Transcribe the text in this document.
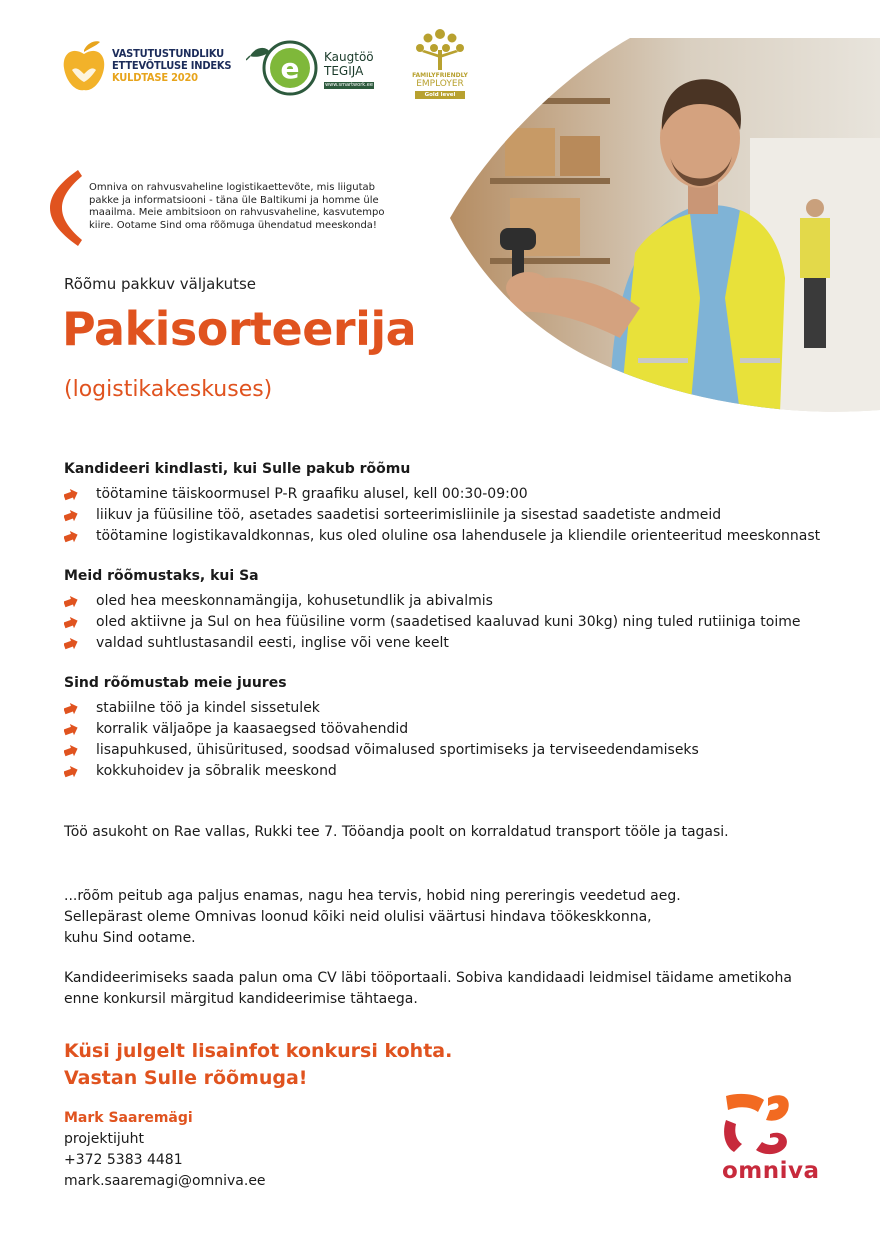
VASTUTUSTUNDLIKU
ETTEVÕTLUSE INDEKS
KULDTASE 2020	e Kaugtöö
TEGIJA
www.smartwork.ee
FAMILYFRIENDLY
EMPLOYER
Gold level
Omniva on rahvusvaheline logistikaettevõte, mis liigutab pakke ja informatsiooni - täna üle Baltikumi ja homme üle maailma. Meie ambitsioon on rahvusvaheline, kasvutempo kiire. Ootame Sind oma rõõmuga ühendatud meeskonda!
Rõõmu pakkuv väljakutse
Pakisorteerija
(logistikakeskuses)
Kandideeri kindlasti, kui Sulle pakub rõõmu
töötamine täiskoormusel P-R graafiku alusel, kell 00:30-09:00
liikuv ja füüsiline töö, asetades saadetisi sorteerimisliinile ja sisestad saadetiste andmeid
töötamine logistikavaldkonnas, kus oled oluline osa lahendusele ja kliendile orienteeritud meeskonnast
Meid rõõmustaks, kui Sa
oled hea meeskonnamängija, kohusetundlik ja abivalmis
oled aktiivne ja Sul on hea füüsiline vorm (saadetised kaaluvad kuni 30kg) ning tuled rutiiniga toime
valdad suhtlustasandil eesti, inglise või vene keelt
Sind rõõmustab meie juures
stabiilne töö ja kindel sissetulek
korralik väljaõpe ja kaasaegsed töövahendid
lisapuhkused, ühisüritused, soodsad võimalused sportimiseks ja terviseedendamiseks
kokkuhoidev ja sõbralik meeskond
Töö asukoht on Rae vallas, Rukki tee 7. Tööandja poolt on korraldatud transport tööle ja tagasi.
...rõõm peitub aga paljus enamas, nagu hea tervis, hobid ning pereringis veedetud aeg.
Sellepärast oleme Omnivas loonud kõiki neid olulisi väärtusi hindava töökeskkonna,
kuhu Sind ootame.
Kandideerimiseks saada palun oma CV läbi tööportaali. Sobiva kandidaadi leidmisel täidame ametikoha
enne konkursil märgitud kandideerimise tähtaega.
Küsi julgelt lisainfot konkursi kohta.
Vastan Sulle rõõmuga!
Mark Saaremägi
projektijuht
+372 5383 4481
mark.saaremagi@omniva.ee	omniva
